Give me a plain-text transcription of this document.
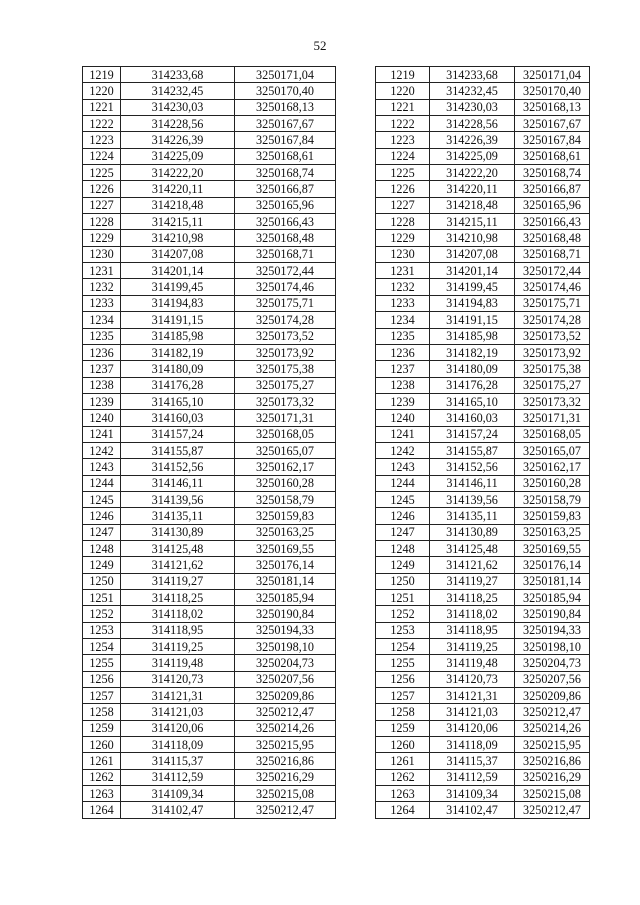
52
1219	314233,68	3250171,04
1220	314232,45	3250170,40
1221	314230,03	3250168,13
1222	314228,56	3250167,67
1223	314226,39	3250167,84
1224	314225,09	3250168,61
1225	314222,20	3250168,74
1226	314220,11	3250166,87
1227	314218,48	3250165,96
1228	314215,11	3250166,43
1229	314210,98	3250168,48
1230	314207,08	3250168,71
1231	314201,14	3250172,44
1232	314199,45	3250174,46
1233	314194,83	3250175,71
1234	314191,15	3250174,28
1235	314185,98	3250173,52
1236	314182,19	3250173,92
1237	314180,09	3250175,38
1238	314176,28	3250175,27
1239	314165,10	3250173,32
1240	314160,03	3250171,31
1241	314157,24	3250168,05
1242	314155,87	3250165,07
1243	314152,56	3250162,17
1244	314146,11	3250160,28
1245	314139,56	3250158,79
1246	314135,11	3250159,83
1247	314130,89	3250163,25
1248	314125,48	3250169,55
1249	314121,62	3250176,14
1250	314119,27	3250181,14
1251	314118,25	3250185,94
1252	314118,02	3250190,84
1253	314118,95	3250194,33
1254	314119,25	3250198,10
1255	314119,48	3250204,73
1256	314120,73	3250207,56
1257	314121,31	3250209,86
1258	314121,03	3250212,47
1259	314120,06	3250214,26
1260	314118,09	3250215,95
1261	314115,37	3250216,86
1262	314112,59	3250216,29
1263	314109,34	3250215,08
1264	314102,47	3250212,47
1219	314233,68	3250171,04
1220	314232,45	3250170,40
1221	314230,03	3250168,13
1222	314228,56	3250167,67
1223	314226,39	3250167,84
1224	314225,09	3250168,61
1225	314222,20	3250168,74
1226	314220,11	3250166,87
1227	314218,48	3250165,96
1228	314215,11	3250166,43
1229	314210,98	3250168,48
1230	314207,08	3250168,71
1231	314201,14	3250172,44
1232	314199,45	3250174,46
1233	314194,83	3250175,71
1234	314191,15	3250174,28
1235	314185,98	3250173,52
1236	314182,19	3250173,92
1237	314180,09	3250175,38
1238	314176,28	3250175,27
1239	314165,10	3250173,32
1240	314160,03	3250171,31
1241	314157,24	3250168,05
1242	314155,87	3250165,07
1243	314152,56	3250162,17
1244	314146,11	3250160,28
1245	314139,56	3250158,79
1246	314135,11	3250159,83
1247	314130,89	3250163,25
1248	314125,48	3250169,55
1249	314121,62	3250176,14
1250	314119,27	3250181,14
1251	314118,25	3250185,94
1252	314118,02	3250190,84
1253	314118,95	3250194,33
1254	314119,25	3250198,10
1255	314119,48	3250204,73
1256	314120,73	3250207,56
1257	314121,31	3250209,86
1258	314121,03	3250212,47
1259	314120,06	3250214,26
1260	314118,09	3250215,95
1261	314115,37	3250216,86
1262	314112,59	3250216,29
1263	314109,34	3250215,08
1264	314102,47	3250212,47
